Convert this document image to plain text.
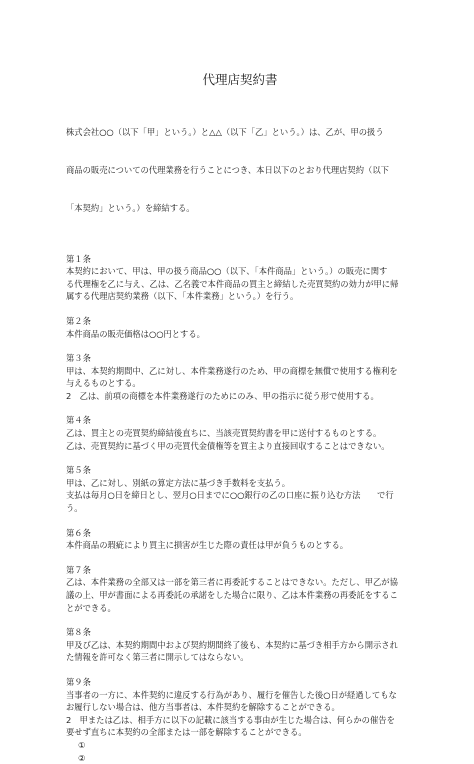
代理店契約書

株式会社○○（以下「甲」という。）と△△（以下「乙」という。）は、乙が、甲の扱う

商品の販売についての代理業務を行うことにつき、本日以下のとおり代理店契約（以下

「本契約」という。）を締結する。

第１条
本契約において、甲は、甲の扱う商品○○（以下、「本件商品」という。）の販売に関す
る代理権を乙に与え、乙は、乙名義で本件商品の買主と締結した売買契約の効力が甲に帰
属する代理店契約業務（以下、「本件業務」という。）を行う。
第２条
本件商品の販売価格は○○円とする。
第３条
甲は、本契約期間中、乙に対し、本件業務遂行のため、甲の商標を無償で使用する権利を
与えるものとする。
2　乙は、前項の商標を本件業務遂行のためにのみ、甲の指示に従う形で使用する。
第４条
乙は、買主との売買契約締結後直ちに、当該売買契約書を甲に送付するものとする。
乙は、売買契約に基づく甲の売買代金債権等を買主より直接回収することはできない。
第５条
甲は、乙に対し、別紙の算定方法に基づき手数料を支払う。
支払は毎月○日を締日とし、翌月○日までに○○銀行の乙の口座に振り込む方法　　で行
う。
第６条
本件商品の瑕疵により買主に損害が生じた際の責任は甲が負うものとする。
第７条
乙は、本件業務の全部又は一部を第三者に再委託することはできない。ただし、甲乙が協
議の上、甲が書面による再委託の承諾をした場合に限り、乙は本件業務の再委託をするこ
とができる。
第８条
甲及び乙は、本契約期間中および契約期間終了後も、本契約に基づき相手方から開示され
た情報を許可なく第三者に開示してはならない。
第９条
当事者の一方に、本件契約に違反する行為があり、履行を催告した後○日が経過してもな
お履行しない場合は、他方当事者は、本件契約を解除することができる。
2　甲または乙は、相手方に以下の記載に該当する事由が生じた場合は、何らかの催告を
要せず直ちに本契約の全部または一部を解除することができる。
①
②
